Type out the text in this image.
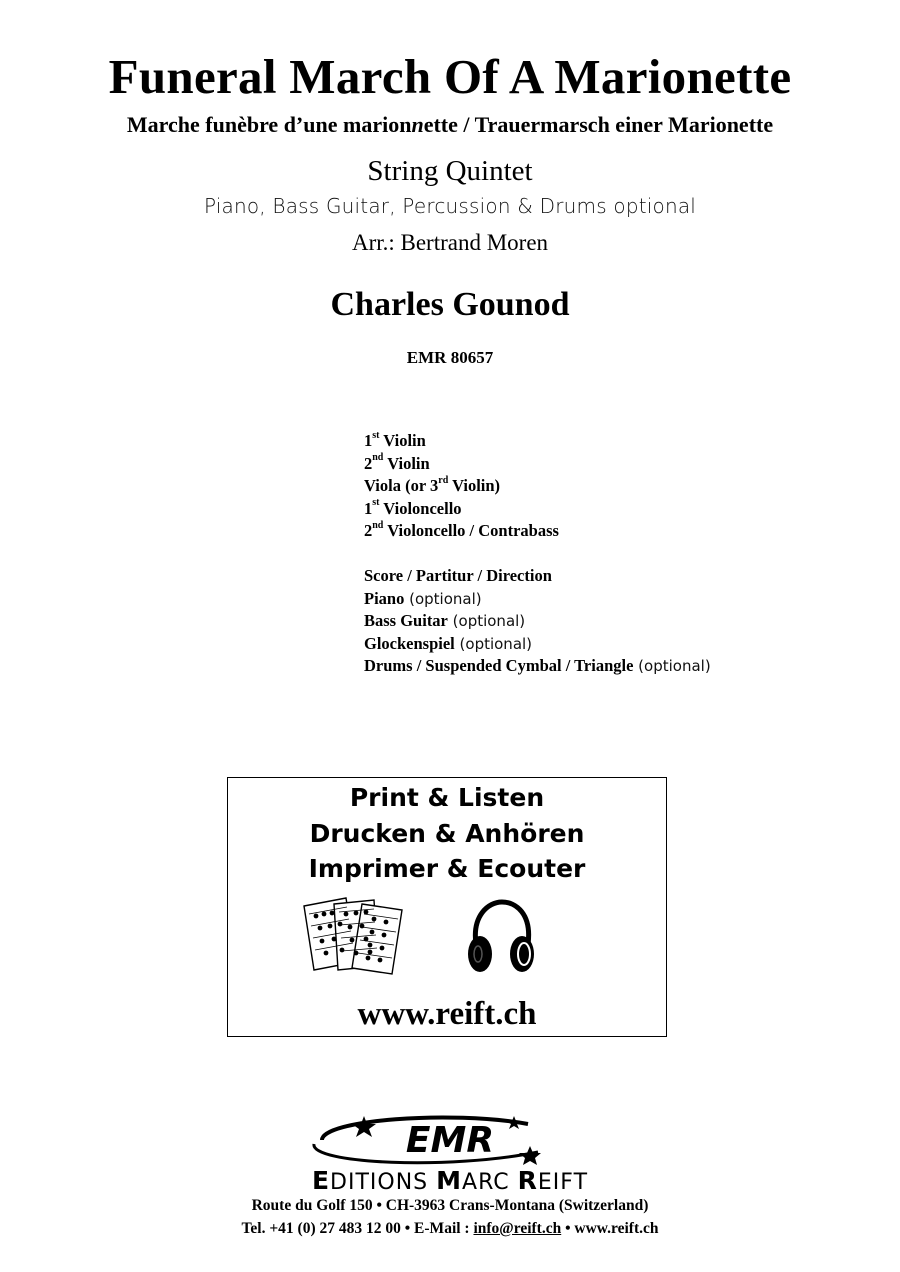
Funeral March Of A Marionette
Marche funèbre d’une marionnette / Trauermarsch einer Marionette
String Quintet
Piano, Bass Guitar, Percussion & Drums optional
Arr.: Bertrand Moren
Charles Gounod
EMR 80657
1st Violin
2nd Violin
Viola (or 3rd Violin)
1st Violoncello
2nd Violoncello / Contrabass
Score / Partitur / Direction
Piano (optional)
Bass Guitar (optional)
Glockenspiel (optional)
Drums / Suspended Cymbal / Triangle (optional)
Print & Listen
Drucken & Anhören
Imprimer & Ecouter
www.reift.ch
EMR
EDITIONS MARC REIFT
Route du Golf 150 • CH-3963 Crans-Montana (Switzerland)
Tel. +41 (0) 27 483 12 00 • E-Mail : info@reift.ch • www.reift.ch
